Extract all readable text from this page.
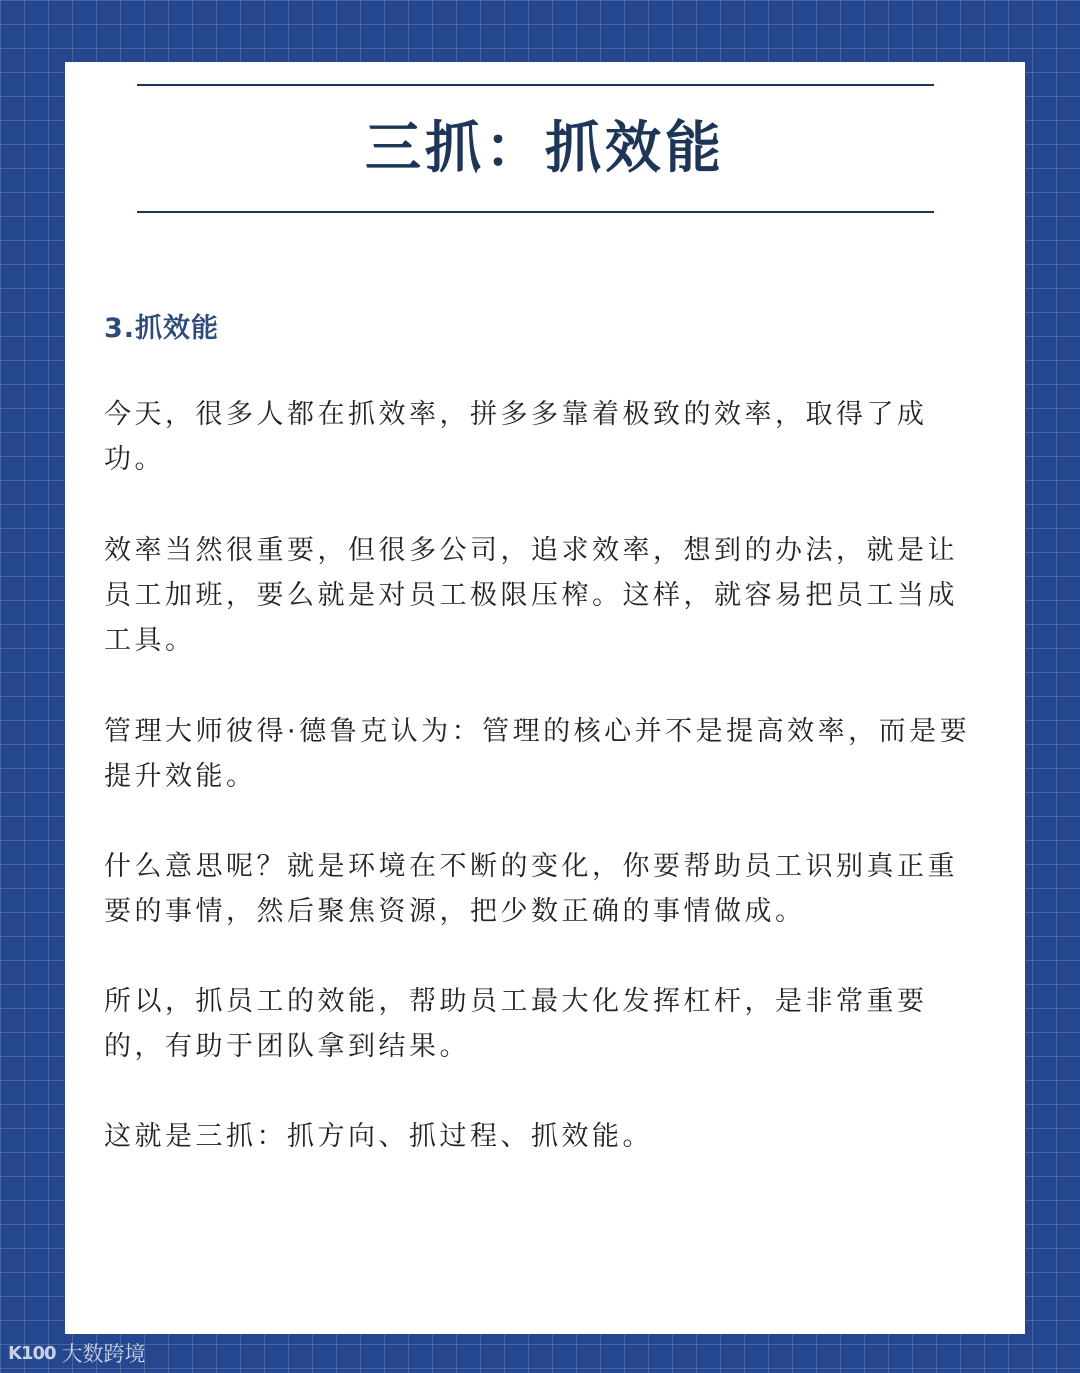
三抓：抓效能
3.抓效能

今天，很多人都在抓效率，拼多多靠着极致的效率，取得了成功。

效率当然很重要，但很多公司，追求效率，想到的办法，就是让员工加班，要么就是对员工极限压榨。这样，就容易把员工当成工具。

管理大师彼得·德鲁克认为：管理的核心并不是提高效率，而是要提升效能。

什么意思呢？就是环境在不断的变化，你要帮助员工识别真正重要的事情，然后聚焦资源，把少数正确的事情做成。

所以，抓员工的效能，帮助员工最大化发挥杠杆，是非常重要的，有助于团队拿到结果。

这就是三抓：抓方向、抓过程、抓效能。

K100 大数跨境
